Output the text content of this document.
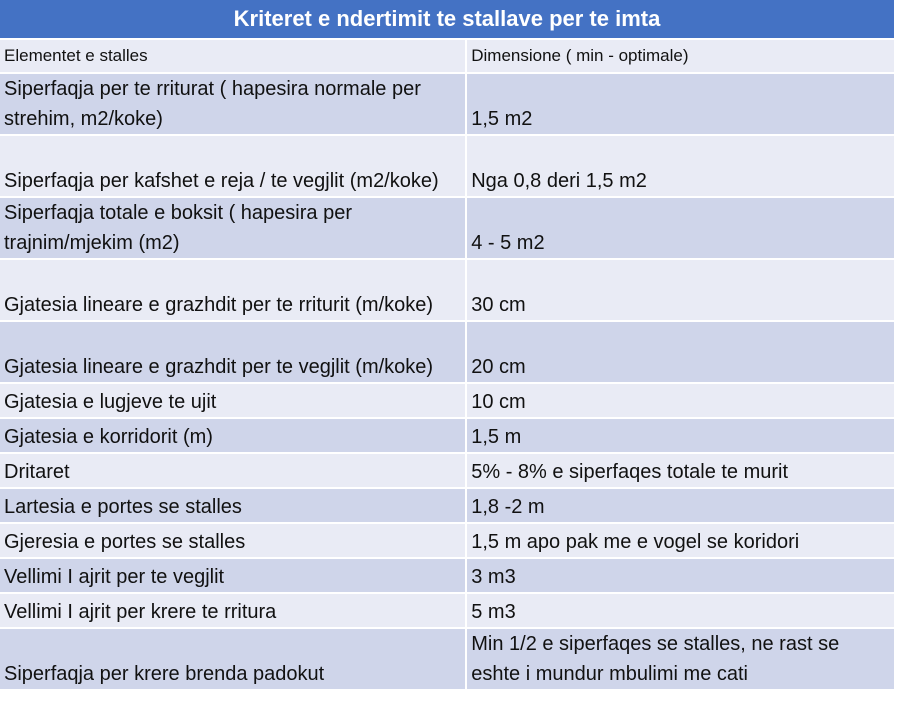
Kriteret e ndertimit te stallave per te imta	
Elementet e stalles	Dimensione ( min - optimale)
Siperfaqja per te rriturat ( hapesira normale per strehim, m2/koke)	1,5 m2
Siperfaqja per kafshet e reja / te vegjlit (m2/koke)	Nga 0,8 deri 1,5 m2
Siperfaqja totale e boksit ( hapesira per trajnim/mjekim (m2)	4 - 5 m2
Gjatesia lineare e grazhdit per te rriturit (m/koke)	30 cm
Gjatesia lineare e grazhdit per te vegjlit (m/koke)	20 cm
Gjatesia e lugjeve te ujit	10 cm
Gjatesia e korridorit (m)	1,5 m
Dritaret	5% - 8% e siperfaqes totale te murit
Lartesia e portes se stalles	1,8 -2 m
Gjeresia e portes se stalles	1,5 m apo pak me e vogel se koridori
Vellimi I ajrit per te vegjlit	3 m3
Vellimi I ajrit per krere te rritura	5 m3
Siperfaqja per krere brenda padokut	Min 1/2 e siperfaqes se stalles, ne rast se eshte i mundur mbulimi me cati
